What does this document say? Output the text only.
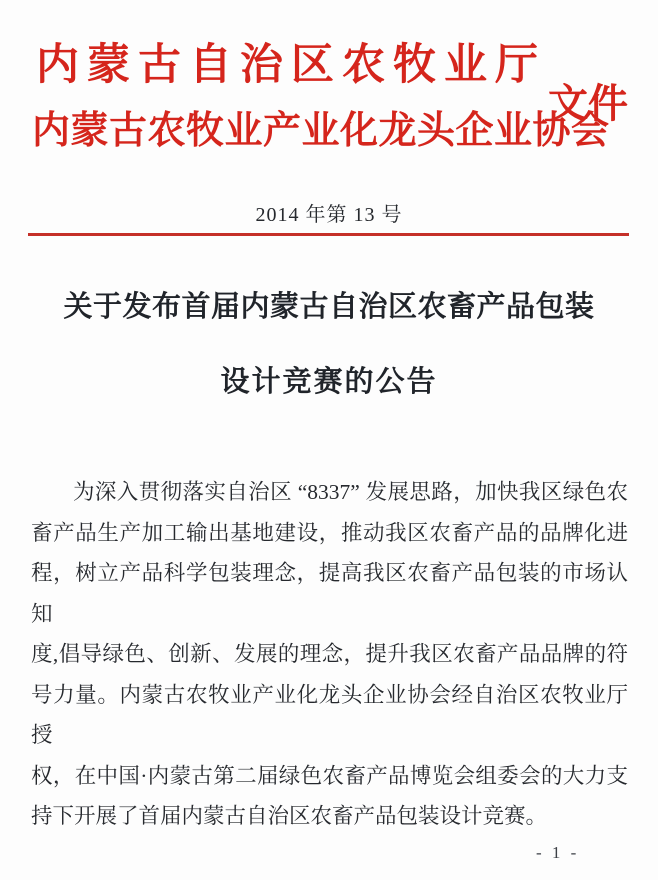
内蒙古自治区农牧业厅
文件
内蒙古农牧业产业化龙头企业协会
2014 年第 13 号
关于发布首届内蒙古自治区农畜产品包装
设计竞赛的公告
为深入贯彻落实自治区 “8337” 发展思路，加快我区绿色农
畜产品生产加工输出基地建设，推动我区农畜产品的品牌化进
程，树立产品科学包装理念，提高我区农畜产品包装的市场认知
度,倡导绿色、创新、发展的理念，提升我区农畜产品品牌的符
号力量。内蒙古农牧业产业化龙头企业协会经自治区农牧业厅授
权，在中国·内蒙古第二届绿色农畜产品博览会组委会的大力支
持下开展了首届内蒙古自治区农畜产品包装设计竞赛。
- 1 -
